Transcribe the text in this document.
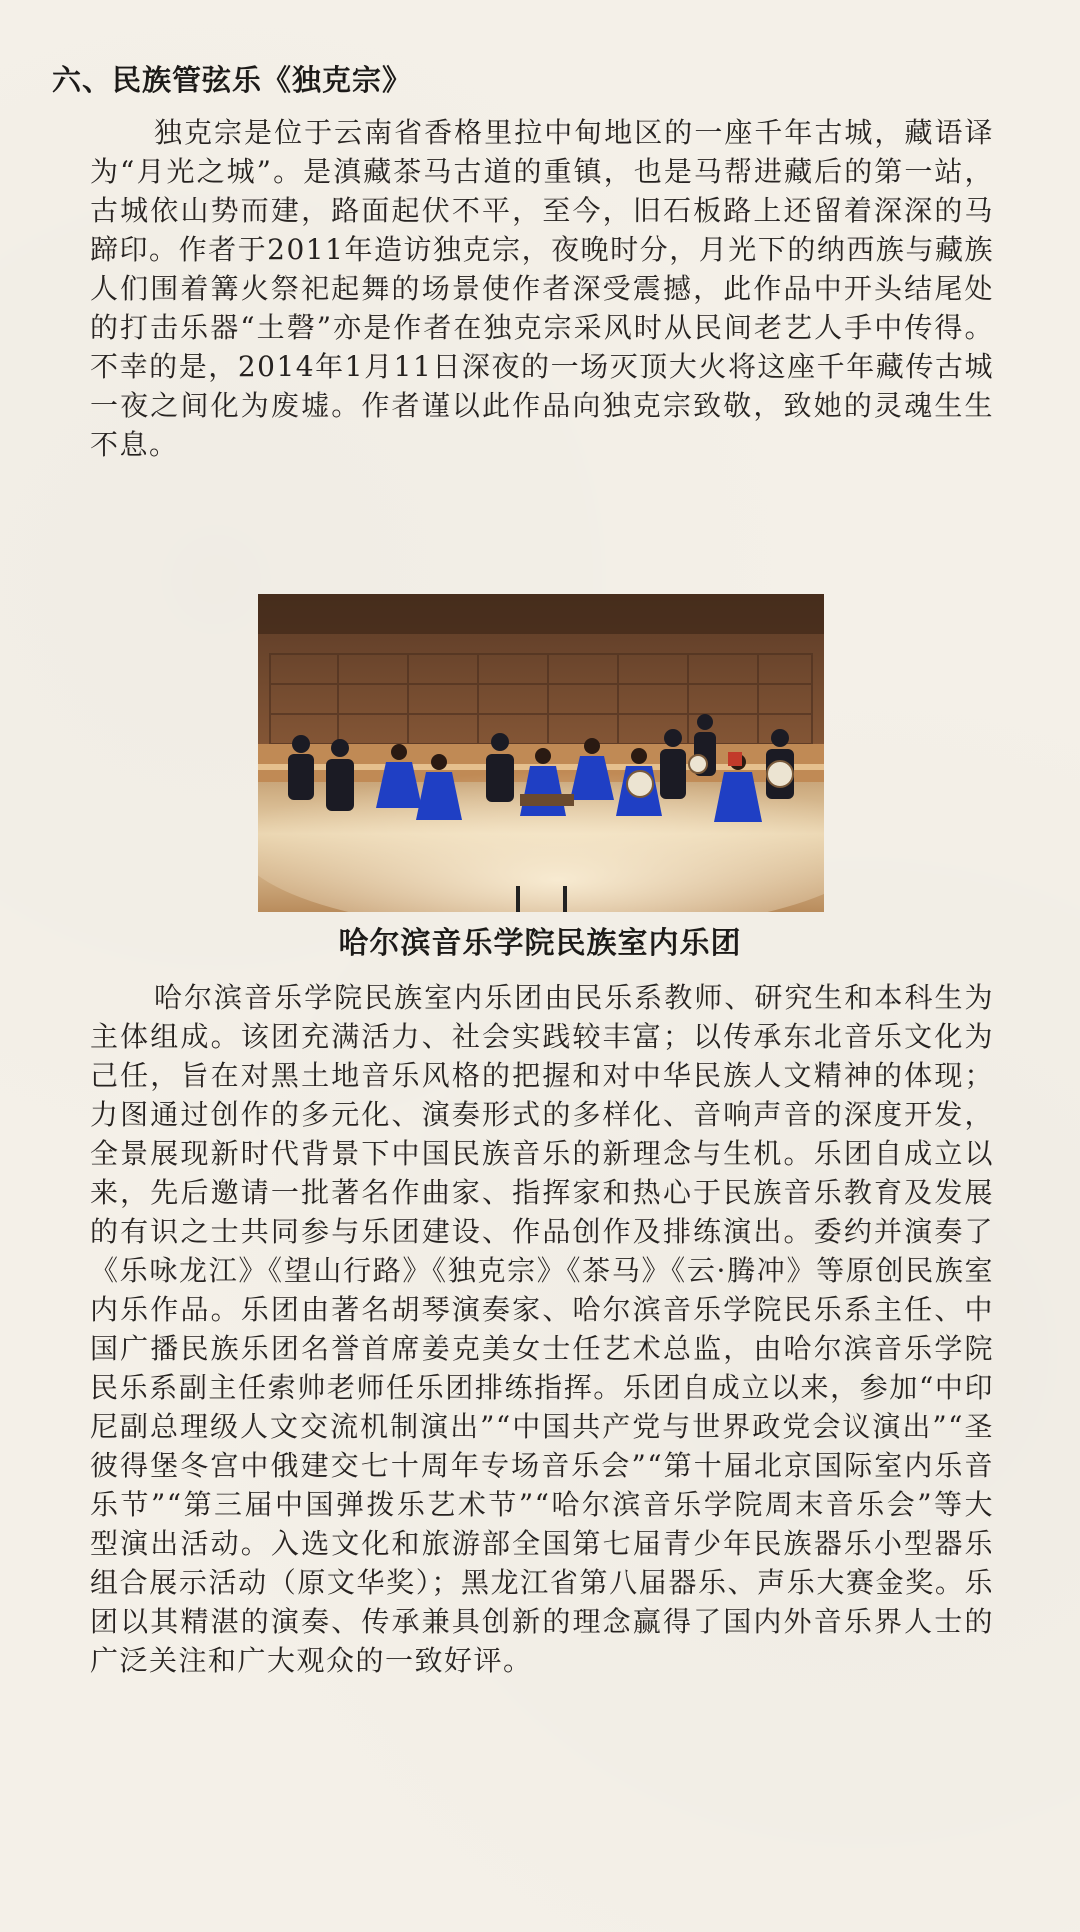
六、民族管弦乐《独克宗》
独克宗是位于云南省香格里拉中甸地区的一座千年古城，藏语译为“月光之城”。是滇藏茶马古道的重镇，也是马帮进藏后的第一站，古城依山势而建，路面起伏不平，至今，旧石板路上还留着深深的马蹄印。作者于2011年造访独克宗，夜晚时分，月光下的纳西族与藏族人们围着篝火祭祀起舞的场景使作者深受震撼，此作品中开头结尾处的打击乐器“土磬”亦是作者在独克宗采风时从民间老艺人手中传得。不幸的是，2014年1月11日深夜的一场灭顶大火将这座千年藏传古城一夜之间化为废墟。作者谨以此作品向独克宗致敬，致她的灵魂生生不息。
哈尔滨音乐学院民族室内乐团
哈尔滨音乐学院民族室内乐团由民乐系教师、研究生和本科生为主体组成。该团充满活力、社会实践较丰富；以传承东北音乐文化为己任，旨在对黑土地音乐风格的把握和对中华民族人文精神的体现；力图通过创作的多元化、演奏形式的多样化、音响声音的深度开发，全景展现新时代背景下中国民族音乐的新理念与生机。乐团自成立以来，先后邀请一批著名作曲家、指挥家和热心于民族音乐教育及发展的有识之士共同参与乐团建设、作品创作及排练演出。委约并演奏了《乐咏龙江》《望山行路》《独克宗》《茶马》《云·腾冲》等原创民族室内乐作品。乐团由著名胡琴演奏家、哈尔滨音乐学院民乐系主任、中国广播民族乐团名誉首席姜克美女士任艺术总监，由哈尔滨音乐学院民乐系副主任索帅老师任乐团排练指挥。乐团自成立以来，参加“中印尼副总理级人文交流机制演出”“中国共产党与世界政党会议演出”“圣彼得堡冬宫中俄建交七十周年专场音乐会”“第十届北京国际室内乐音乐节”“第三届中国弹拨乐艺术节”“哈尔滨音乐学院周末音乐会”等大型演出活动。入选文化和旅游部全国第七届青少年民族器乐小型器乐组合展示活动（原文华奖）；黑龙江省第八届器乐、声乐大赛金奖。乐团以其精湛的演奏、传承兼具创新的理念赢得了国内外音乐界人士的广泛关注和广大观众的一致好评。
